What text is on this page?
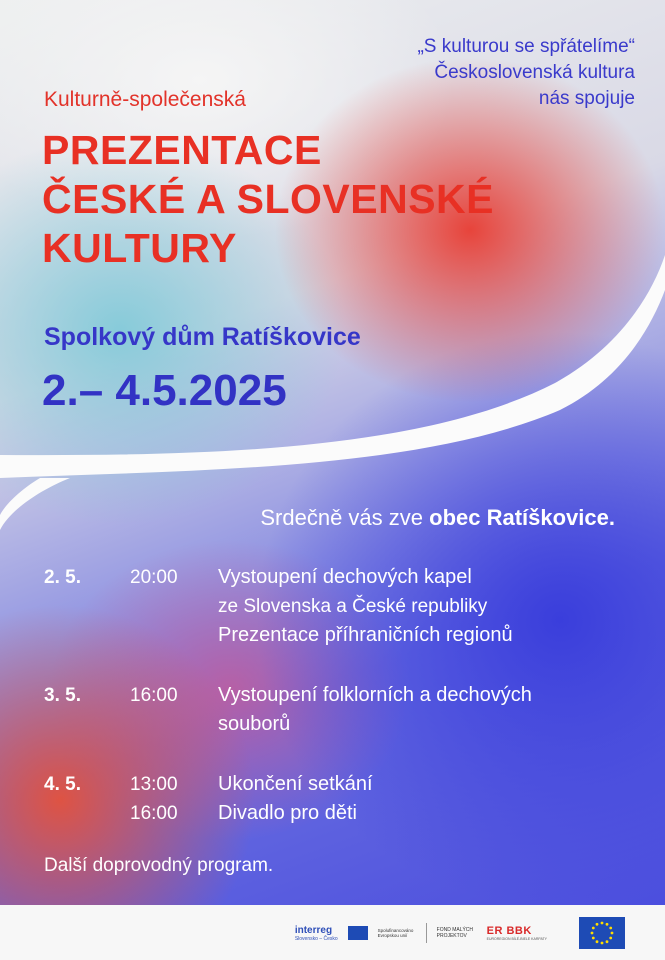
„S kulturou se spřátelíme“
Československá kultura
nás spojuje
Kulturně-společenská
PREZENTACE
ČESKÉ A SLOVENSKÉ
KULTURY
Spolkový dům Ratíškovice
2.– 4.5.2025
Srdečně vás zve obec Ratíškovice.
2. 5.	20:00	Vystoupení dechových kapel
ze Slovenska a České republiky
Prezentace příhraničních regionů
3. 5.	16:00	Vystoupení folklorních a dechových
souborů
4. 5.	13:00	Ukončení setkání
16:00	Divadlo pro děti
Další doprovodný program.
interreg
Slovensko – Česko
Spolufinancováno Evropskou unií
FOND MALÝCH PROJEKTOV	ER BBK
EUROREGION BÍLÉ-BIELE KARPATY
